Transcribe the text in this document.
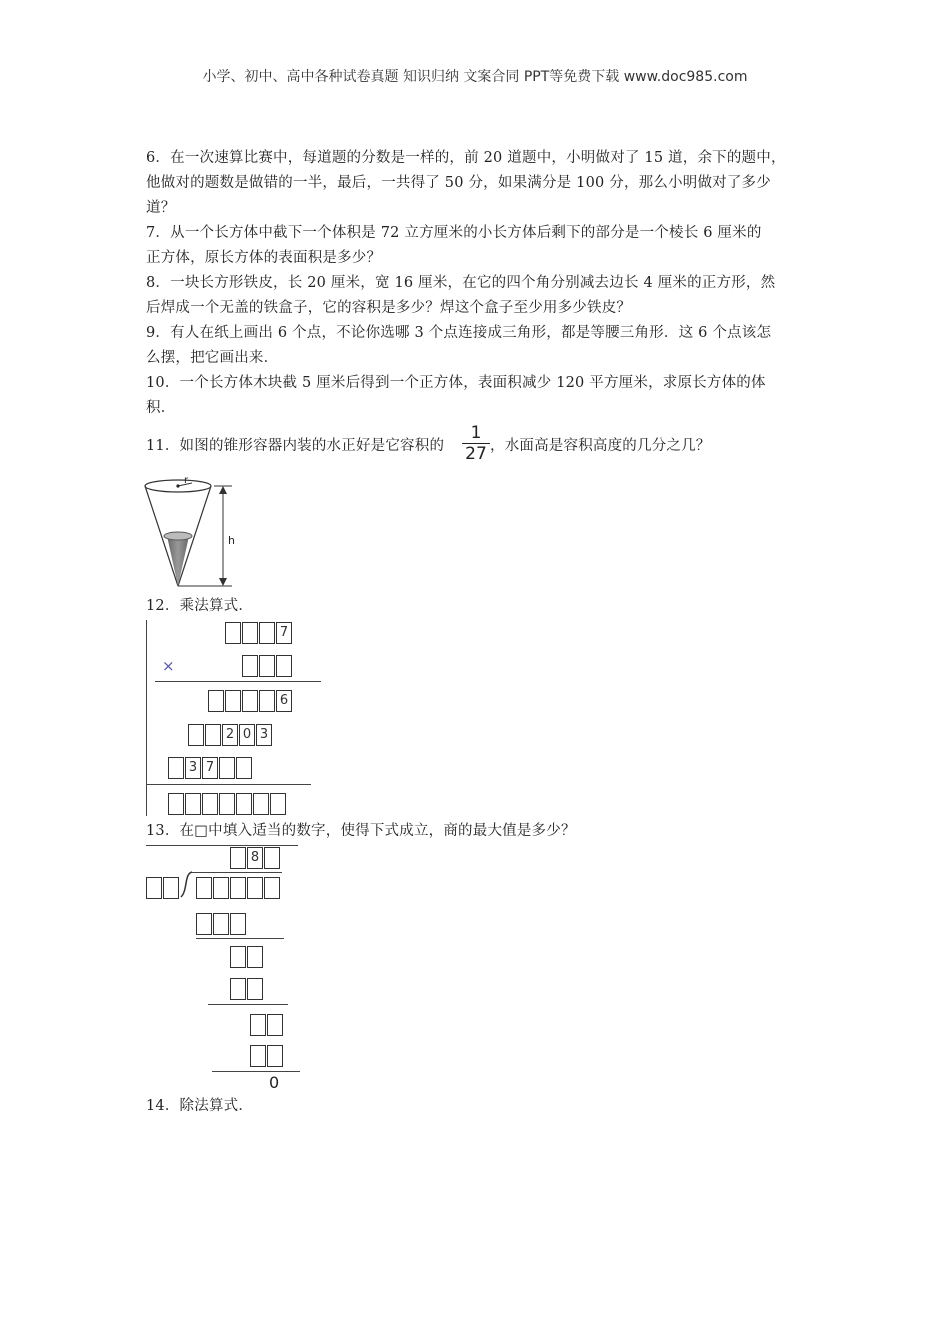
小学、初中、高中各种试卷真题 知识归纳 文案合同 PPT等免费下载 www.doc985.com
6．在一次速算比赛中，每道题的分数是一样的，前 20 道题中，小明做对了 15 道，余下的题中，
他做对的题数是做错的一半，最后，一共得了 50 分，如果满分是 100 分，那么小明做对了多少
道？
7．从一个长方体中截下一个体积是 72 立方厘米的小长方体后剩下的部分是一个棱长 6 厘米的
正方体，原长方体的表面积是多少？
8．一块长方形铁皮，长 20 厘米，宽 16 厘米，在它的四个角分别减去边长 4 厘米的正方形，然
后焊成一个无盖的铁盒子，它的容积是多少？焊这个盒子至少用多少铁皮？
9．有人在纸上画出 6 个点，不论你选哪 3 个点连接成三角形，都是等腰三角形．这 6 个点该怎
么摆，把它画出来．
10．一个长方体木块截 5 厘米后得到一个正方体，表面积减少 120 平方厘米，求原长方体的体
积．
11．如图的锥形容器内装的水正好是它容积的
1
27 ，水面高是容积高度的几分之几？
r
h
12．乘法算式．
×
7
6
2 0 3
3 7
13．在□中填入适当的数字，使得下式成立，商的最大值是多少？
8
0
14．除法算式．
